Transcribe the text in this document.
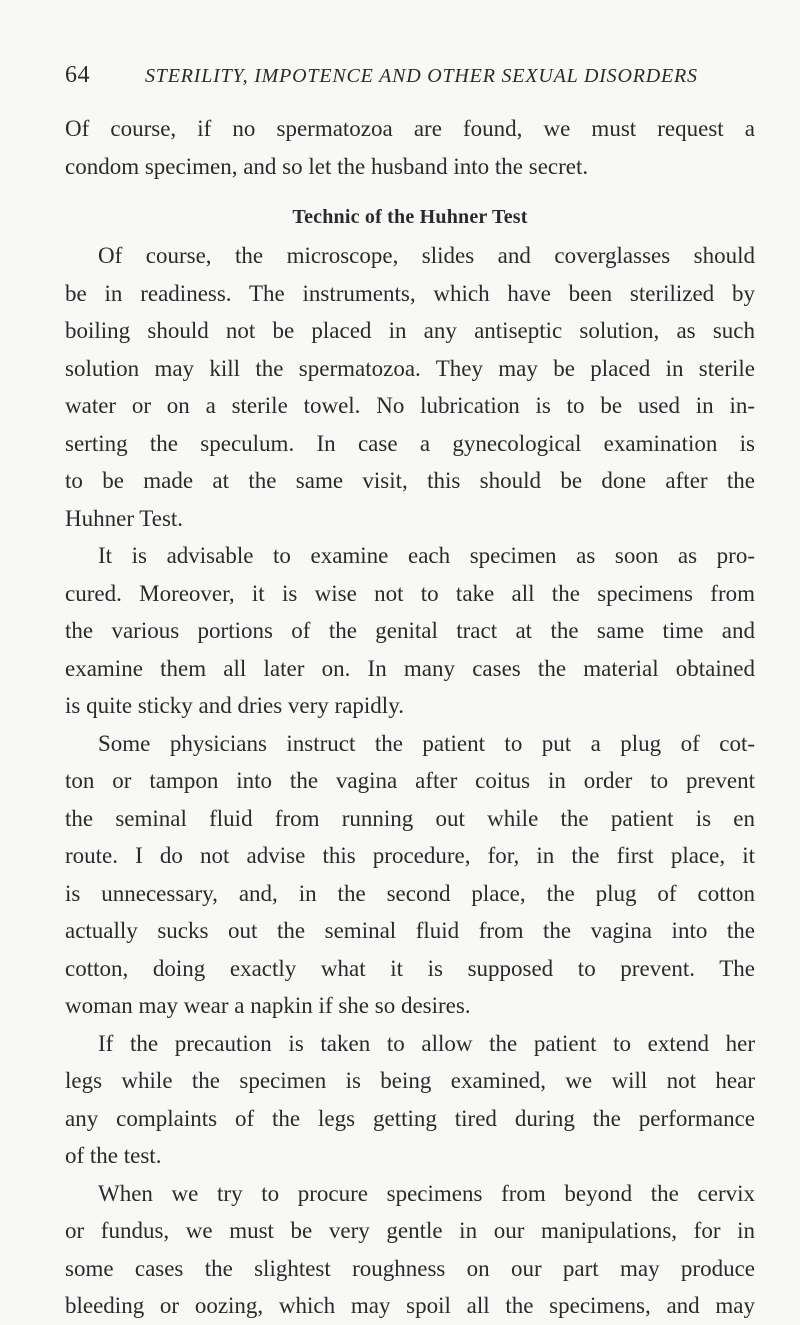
64	STERILITY, IMPOTENCE AND OTHER SEXUAL DISORDERS
Of course, if no spermatozoa are found, we must request a
condom specimen, and so let the husband into the secret.
Technic of the Huhner Test
Of course, the microscope, slides and coverglasses should
be in readiness. The instruments, which have been sterilized by
boiling should not be placed in any antiseptic solution, as such
solution may kill the spermatozoa. They may be placed in sterile
water or on a sterile towel. No lubrication is to be used in in-
serting the speculum. In case a gynecological examination is
to be made at the same visit, this should be done after the
Huhner Test.
It is advisable to examine each specimen as soon as pro-
cured. Moreover, it is wise not to take all the specimens from
the various portions of the genital tract at the same time and
examine them all later on. In many cases the material obtained
is quite sticky and dries very rapidly.
Some physicians instruct the patient to put a plug of cot-
ton or tampon into the vagina after coitus in order to prevent
the seminal fluid from running out while the patient is en
route. I do not advise this procedure, for, in the first place, it
is unnecessary, and, in the second place, the plug of cotton
actually sucks out the seminal fluid from the vagina into the
cotton, doing exactly what it is supposed to prevent. The
woman may wear a napkin if she so desires.
If the precaution is taken to allow the patient to extend her
legs while the specimen is being examined, we will not hear
any complaints of the legs getting tired during the performance
of the test.
When we try to procure specimens from beyond the cervix
or fundus, we must be very gentle in our manipulations, for in
some cases the slightest roughness on our part may produce
bleeding or oozing, which may spoil all the specimens, and may
